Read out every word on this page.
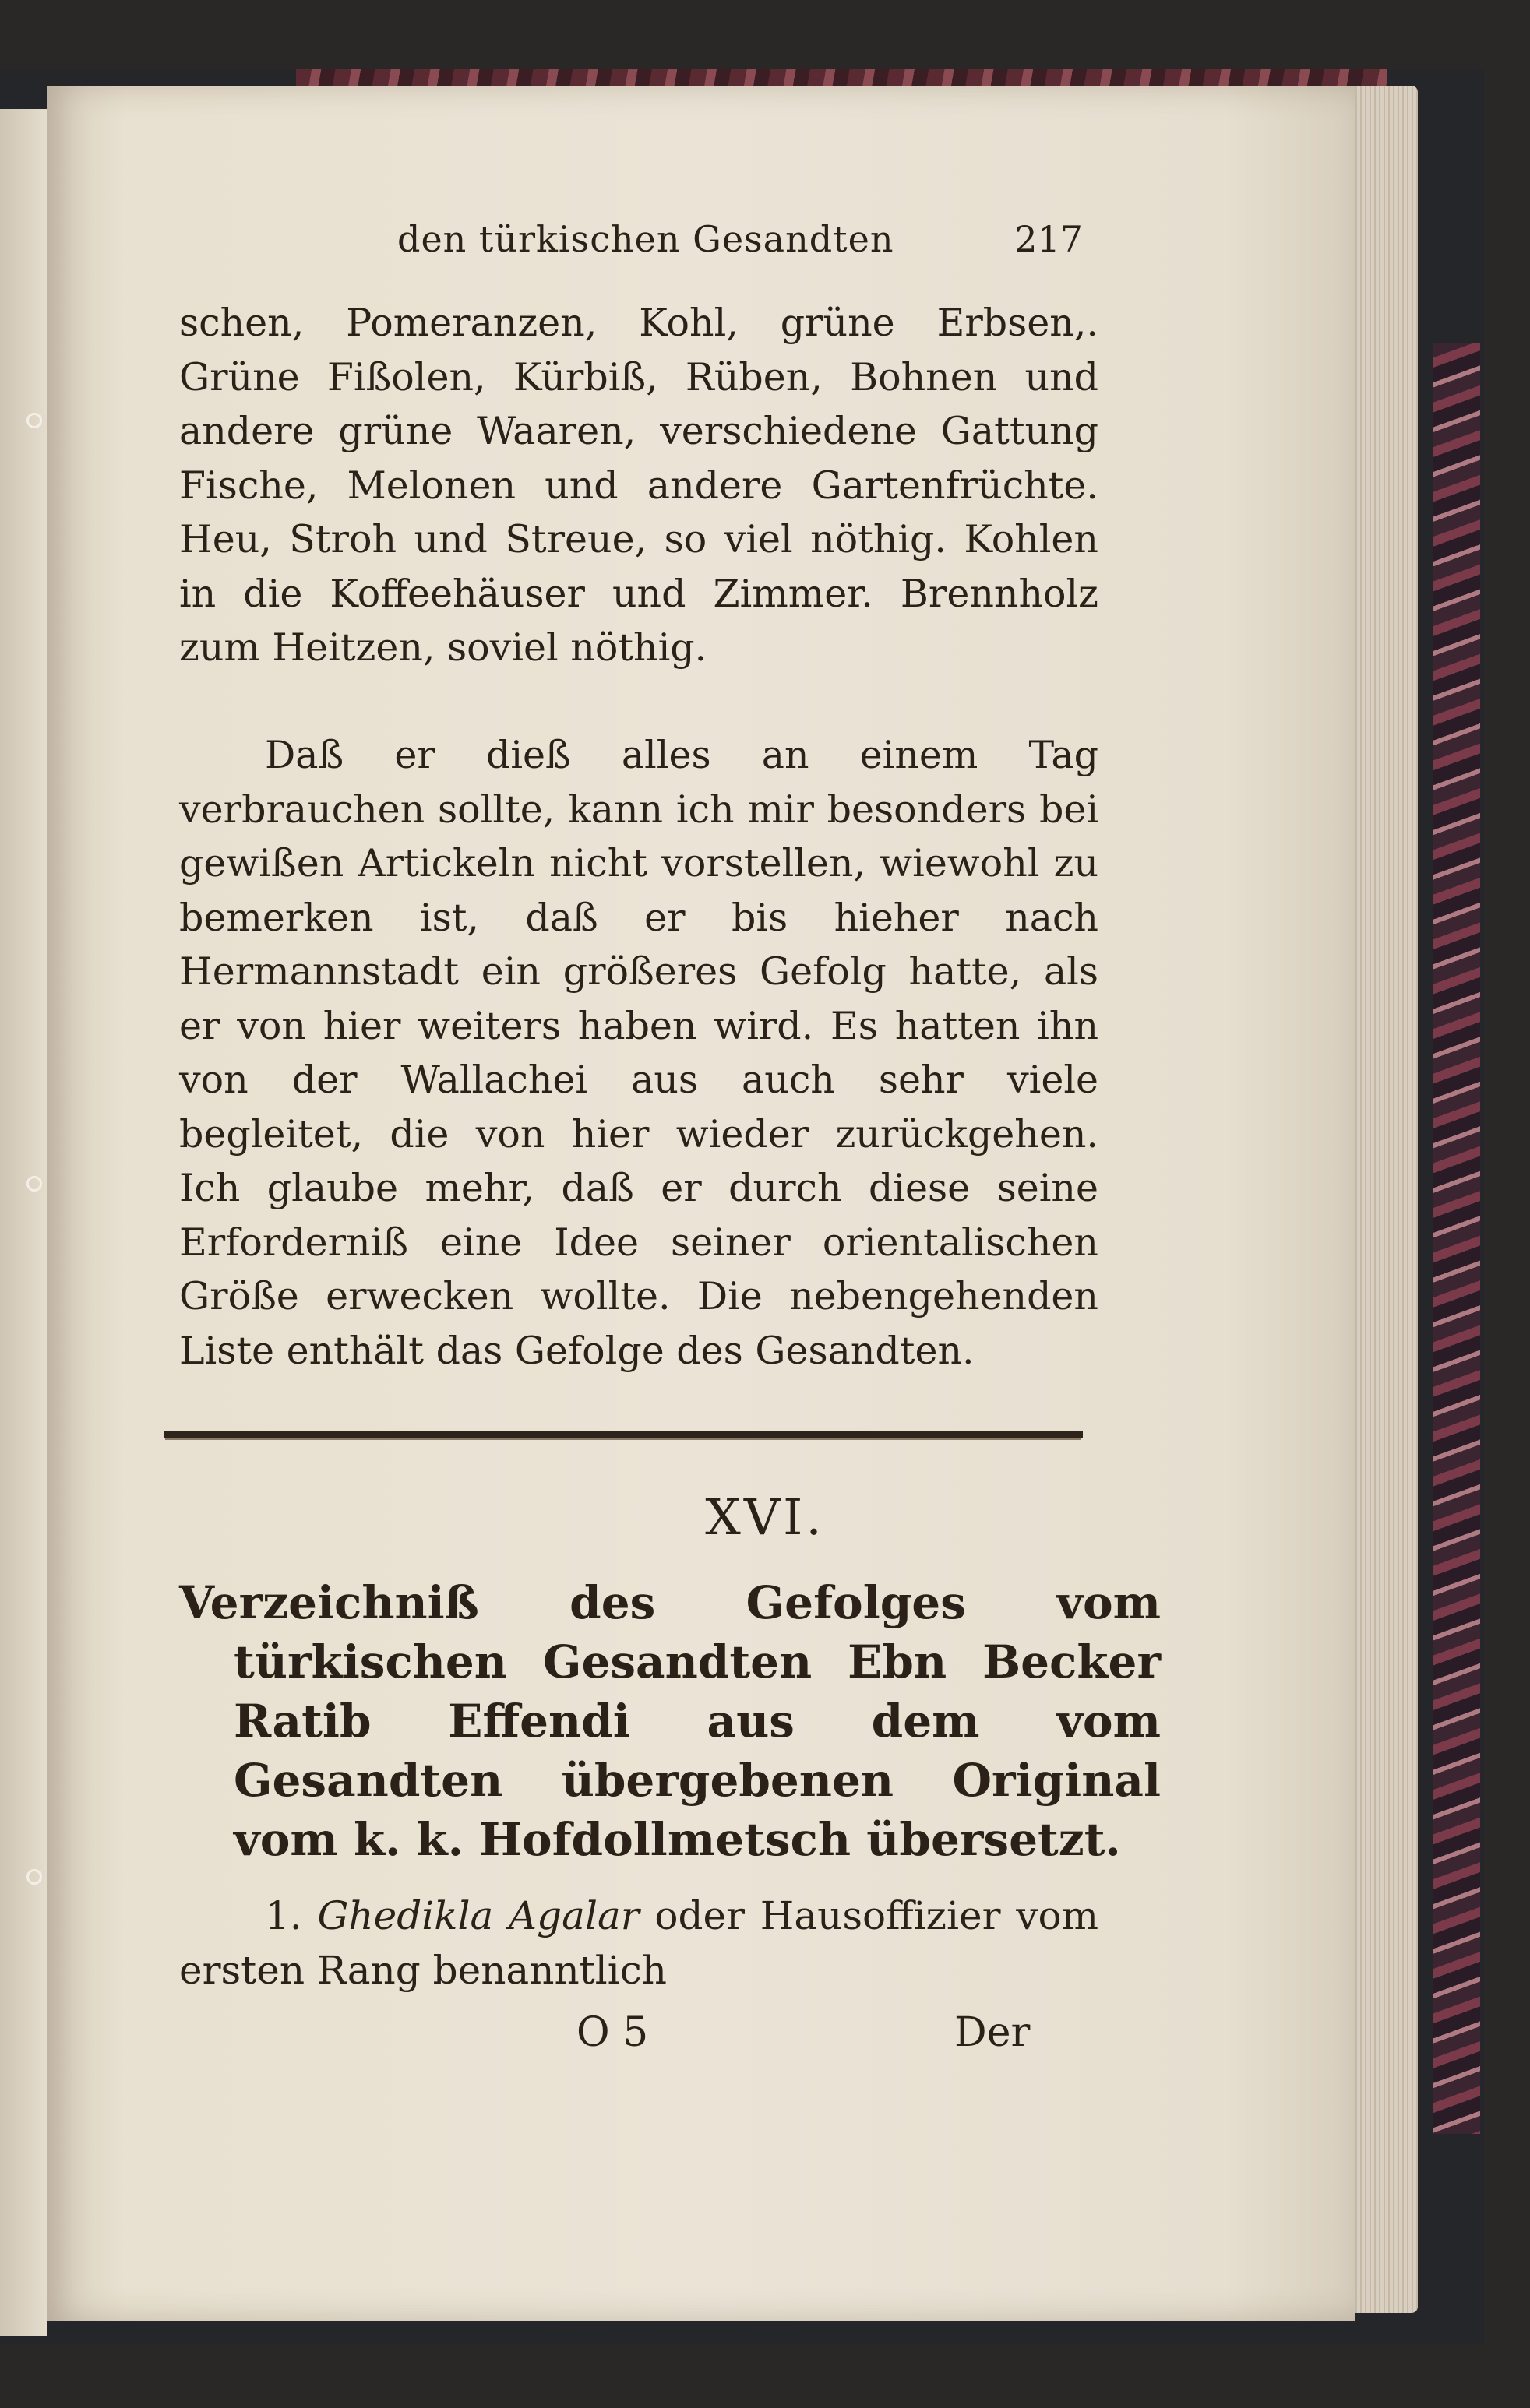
den türkischen Gesandten	217
schen, Pomeranzen, Kohl, grüne Erbsen,. Grüne Fißolen, Kürbiß, Rüben, Bohnen und andere grüne Waaren, verschiedene Gattung Fische, Melonen und andere Gartenfrüchte. Heu, Stroh und Streue, so viel nöthig. Kohlen in die Koffeehäuser und Zimmer. Brennholz zum Heitzen, soviel nöthig.
Daß er dieß alles an einem Tag verbrauchen sollte, kann ich mir besonders bei gewißen Artickeln nicht vorstellen, wiewohl zu bemerken ist, daß er bis hieher nach Hermannstadt ein größeres Gefolg hatte, als er von hier weiters haben wird. Es hatten ihn von der Wallachei aus auch sehr viele begleitet, die von hier wieder zurückgehen. Ich glaube mehr, daß er durch diese seine Erforderniß eine Idee seiner orientalischen Größe erwecken wollte. Die nebengehenden Liste enthält das Gefolge des Gesandten.
XVI.
Verzeichniß des Gefolges vom türkischen Gesandten Ebn Becker Ratib Effendi aus dem vom Gesandten übergebenen Original vom k. k. Hofdollmetsch übersetzt.
1. Ghedikla Agalar oder Hausoffizier vom ersten Rang benanntlich
O 5	Der
